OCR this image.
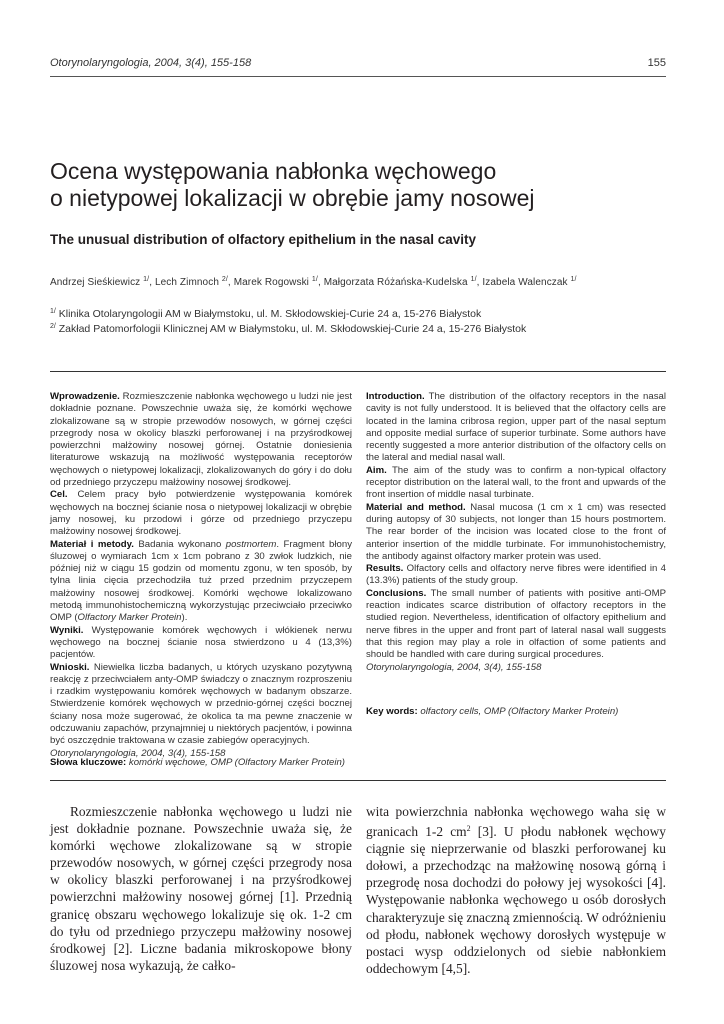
Otorynolaryngologia, 2004, 3(4), 155-158	155
Ocena występowania nabłonka węchowego
o nietypowej lokalizacji w obrębie jamy nosowej
The unusual distribution of olfactory epithelium in the nasal cavity
Andrzej Sieśkiewicz $^{1/}$, Lech Zimnoch $^{2/}$, Marek Rogowski $^{1/}$, Małgorzata Różańska-Kudelska $^{1/}$, Izabela Walenczak $^{1/}$
$^{1/}$ Klinika Otolaryngologii AM w Białymstoku, ul. M. Skłodowskiej-Curie 24 a, 15-276 Białystok
$^{2/}$ Zakład Patomorfologii Klinicznej AM w Białymstoku, ul. M. Skłodowskiej-Curie 24 a, 15-276 Białystok

Wprowadzenie. Rozmieszczenie nabłonka węchowego u ludzi nie jest dokładnie poznane. Powszechnie uważa się, że komórki węchowe zlokalizowane są w stropie przewodów nosowych, w górnej części przegrody nosa w okolicy blaszki perforowanej i na przyśrodkowej powierzchni małżowiny nosowej górnej. Ostatnie doniesienia literaturowe wskazują na możliwość występowania receptorów węchowych o nietypowej lokalizacji, zlokalizowanych do góry i do dołu od przedniego przyczepu małżowiny nosowej środkowej.

Cel. Celem pracy było potwierdzenie występowania komórek węchowych na bocznej ścianie nosa o nietypowej lokalizacji w obrębie jamy nosowej, ku przodowi i górze od przedniego przyczepu małżowiny nosowej środkowej.

Materiał i metody. Badania wykonano postmortem. Fragment błony śluzowej o wymiarach 1cm x 1cm pobrano z 30 zwłok ludzkich, nie później niż w ciągu 15 godzin od momentu zgonu, w ten sposób, by tylna linia cięcia przechodziła tuż przed przednim przyczepem małżowiny nosowej środkowej. Komórki węchowe lokalizowano metodą immunohistochemiczną wykorzystując przeciwciało przeciwko OMP (Olfactory Marker Protein).

Wyniki. Występowanie komórek węchowych i włókienek nerwu węchowego na bocznej ścianie nosa stwierdzono u 4 (13,3%) pacjentów.

Wnioski. Niewielka liczba badanych, u których uzyskano pozytywną reakcję z przeciwciałem anty-OMP świadczy o znacznym rozproszeniu i rzadkim występowaniu komórek węchowych w badanym obszarze. Stwierdzenie komórek węchowych w przednio-górnej części bocznej ściany nosa może sugerować, że okolica ta ma pewne znaczenie w odczuwaniu zapachów, przynajmniej u niektórych pacjentów, i powinna być oszczędnie traktowana w czasie zabiegów operacyjnych.

Otorynolaryngologia, 2004, 3(4), 155-158

Słowa kluczowe: komórki węchowe, OMP (Olfactory Marker Protein)

Introduction. The distribution of the olfactory receptors in the nasal cavity is not fully understood. It is believed that the olfactory cells are located in the lamina cribrosa region, upper part of the nasal septum and opposite medial surface of superior turbinate. Some authors have recently suggested a more anterior distribution of the olfactory cells on the lateral and medial nasal wall.

Aim. The aim of the study was to confirm a non-typical olfactory receptor distribution on the lateral wall, to the front and upwards of the front insertion of middle nasal turbinate.

Material and method. Nasal mucosa (1 cm x 1 cm) was resected during autopsy of 30 subjects, not longer than 15 hours postmortem. The rear border of the incision was located close to the front of anterior insertion of the middle turbinate. For immunohistochemistry, the antibody against olfactory marker protein was used.

Results. Olfactory cells and olfactory nerve fibres were identified in 4 (13.3%) patients of the study group.

Conclusions. The small number of patients with positive anti-OMP reaction indicates scarce distribution of olfactory receptors in the studied region. Nevertheless, identification of olfactory epithelium and nerve fibres in the upper and front part of lateral nasal wall suggests that this region may play a role in olfaction of some patients and should be handled with care during surgical procedures.

Otorynolaryngologia, 2004, 3(4), 155-158

Key words: olfactory cells, OMP (Olfactory Marker Protein)
Rozmieszczenie nabłonka węchowego u ludzi nie jest dokładnie poznane. Powszechnie uważa się, że komórki węchowe zlokalizowane są w stropie przewodów nosowych, w górnej części przegrody nosa w okolicy blaszki perforowanej i na przyśrodkowej powierzchni małżowiny nosowej górnej [1]. Przednią granicę obszaru węchowego lokalizuje się ok. 1-2 cm do tyłu od przedniego przyczepu małżowiny nosowej środkowej [2]. Liczne badania mikroskopowe błony śluzowej nosa wykazują, że całko-
wita powierzchnia nabłonka węchowego waha się w granicach 1-2 $cm^2$ [3]. U płodu nabłonek węchowy ciągnie się nieprzerwanie od blaszki perforowanej ku dołowi, a przechodząc na małżowinę nosową górną i przegrodę nosa dochodzi do połowy jej wysokości [4]. Występowanie nabłonka węchowego u osób dorosłych charakteryzuje się znaczną zmiennością. W odróżnieniu od płodu, nabłonek węchowy dorosłych występuje w postaci wysp oddzielonych od siebie nabłonkiem oddechowym [4,5].
